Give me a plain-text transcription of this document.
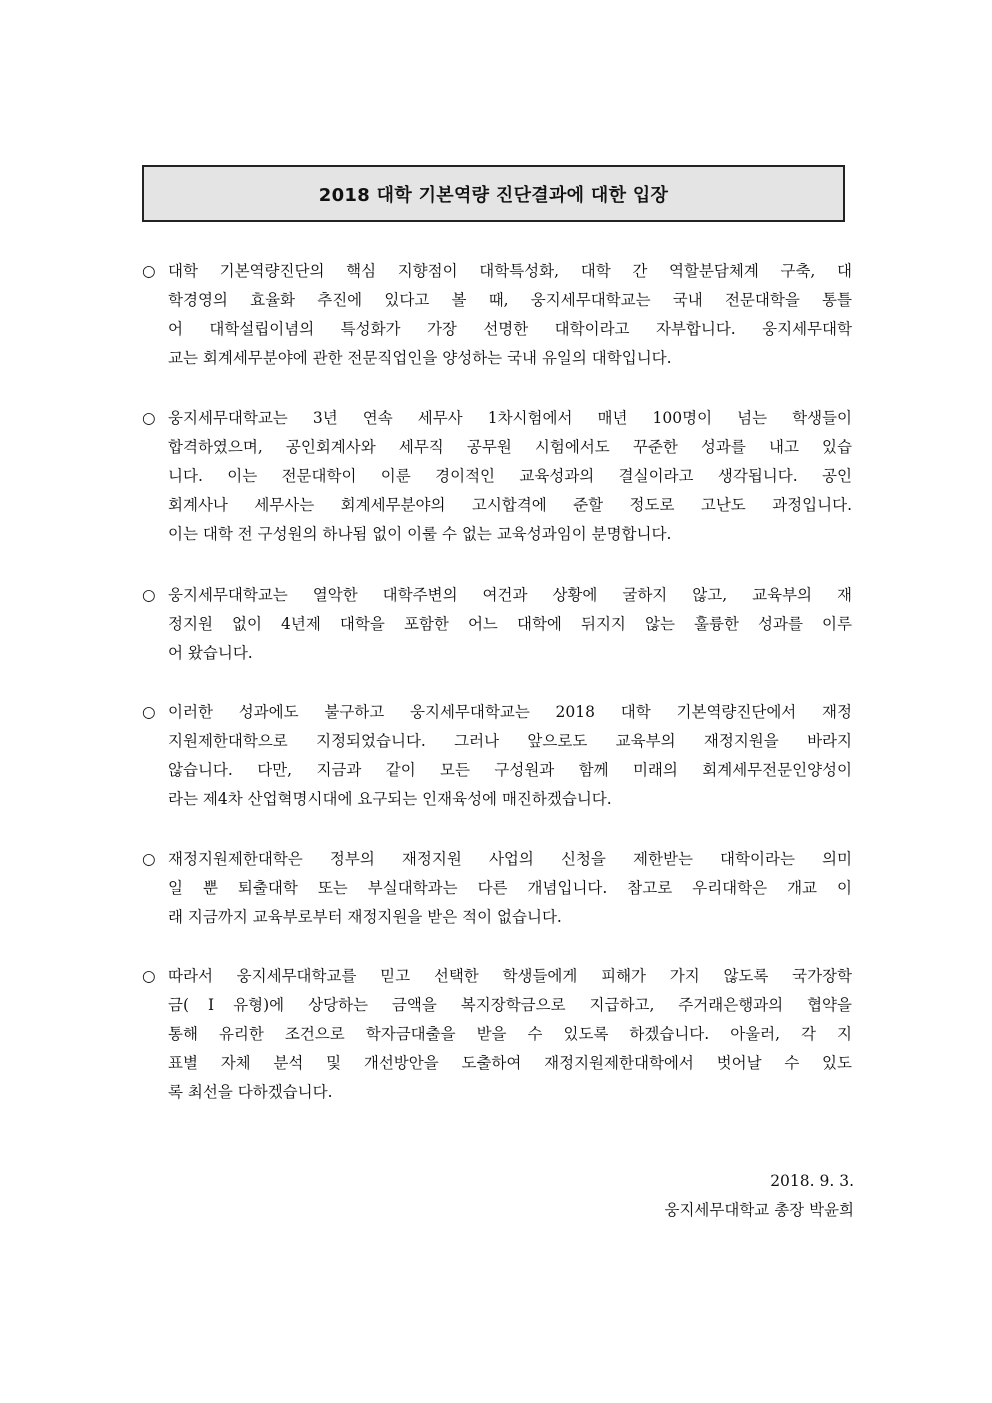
2018 대학 기본역량 진단결과에 대한 입장
○ 대학 기본역량진단의 핵심 지향점이 대학특성화, 대학 간 역할분담체계 구축, 대
학경영의 효율화 추진에 있다고 볼 때, 웅지세무대학교는 국내 전문대학을 통틀
어 대학설립이념의 특성화가 가장 선명한 대학이라고 자부합니다. 웅지세무대학
교는 회계세무분야에 관한 전문직업인을 양성하는 국내 유일의 대학입니다.
○ 웅지세무대학교는 3년 연속 세무사 1차시험에서 매년 100명이 넘는 학생들이
합격하였으며, 공인회계사와 세무직 공무원 시험에서도 꾸준한 성과를 내고 있습
니다. 이는 전문대학이 이룬 경이적인 교육성과의 결실이라고 생각됩니다. 공인
회계사나 세무사는 회계세무분야의 고시합격에 준할 정도로 고난도 과정입니다.
이는 대학 전 구성원의 하나됨 없이 이룰 수 없는 교육성과임이 분명합니다.
○ 웅지세무대학교는 열악한 대학주변의 여건과 상황에 굴하지 않고, 교육부의 재
정지원 없이 4년제 대학을 포함한 어느 대학에 뒤지지 않는 훌륭한 성과를 이루
어 왔습니다.
○ 이러한 성과에도 불구하고 웅지세무대학교는 2018 대학 기본역량진단에서 재정
지원제한대학으로 지정되었습니다. 그러나 앞으로도 교육부의 재정지원을 바라지
않습니다. 다만, 지금과 같이 모든 구성원과 함께 미래의 회계세무전문인양성이
라는 제4차 산업혁명시대에 요구되는 인재육성에 매진하겠습니다.
○ 재정지원제한대학은 정부의 재정지원 사업의 신청을 제한받는 대학이라는 의미
일 뿐 퇴출대학 또는 부실대학과는 다른 개념입니다. 참고로 우리대학은 개교 이
래 지금까지 교육부로부터 재정지원을 받은 적이 없습니다.
○ 따라서 웅지세무대학교를 믿고 선택한 학생들에게 피해가 가지 않도록 국가장학
금(Ⅰ유형)에 상당하는 금액을 복지장학금으로 지급하고, 주거래은행과의 협약을
통해 유리한 조건으로 학자금대출을 받을 수 있도록 하겠습니다. 아울러, 각 지
표별 자체 분석 및 개선방안을 도출하여 재정지원제한대학에서 벗어날 수 있도
록 최선을 다하겠습니다.
2018. 9. 3.
웅지세무대학교 총장 박윤희
